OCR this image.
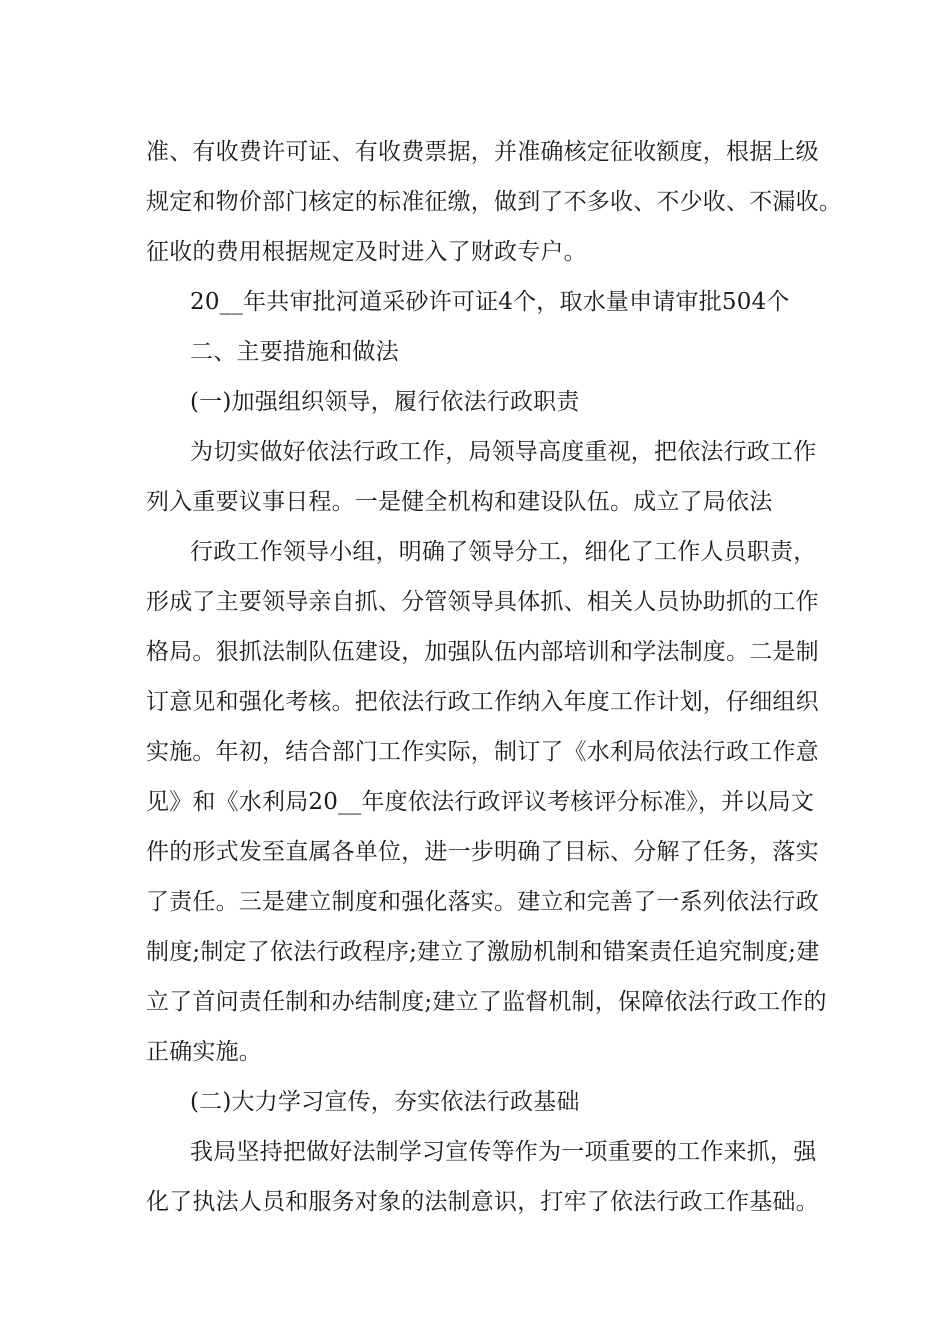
准、有收费许可证、有收费票据，并准确核定征收额度，根据上级
规定和物价部门核定的标准征缴，做到了不多收、不少收、不漏收。
征收的费用根据规定及时进入了财政专户。
20__年共审批河道采砂许可证4个，取水量申请审批504个
二、主要措施和做法
(一)加强组织领导，履行依法行政职责
为切实做好依法行政工作，局领导高度重视，把依法行政工作
列入重要议事日程。一是健全机构和建设队伍。成立了局依法
行政工作领导小组，明确了领导分工，细化了工作人员职责，
形成了主要领导亲自抓、分管领导具体抓、相关人员协助抓的工作
格局。狠抓法制队伍建设，加强队伍内部培训和学法制度。二是制
订意见和强化考核。把依法行政工作纳入年度工作计划，仔细组织
实施。年初，结合部门工作实际，制订了《水利局依法行政工作意
见》和《水利局20__年度依法行政评议考核评分标准》，并以局文
件的形式发至直属各单位，进一步明确了目标、分解了任务，落实
了责任。三是建立制度和强化落实。建立和完善了一系列依法行政
制度;制定了依法行政程序;建立了激励机制和错案责任追究制度;建
立了首问责任制和办结制度;建立了监督机制，保障依法行政工作的
正确实施。
(二)大力学习宣传，夯实依法行政基础
我局坚持把做好法制学习宣传等作为一项重要的工作来抓，强
化了执法人员和服务对象的法制意识，打牢了依法行政工作基础。
